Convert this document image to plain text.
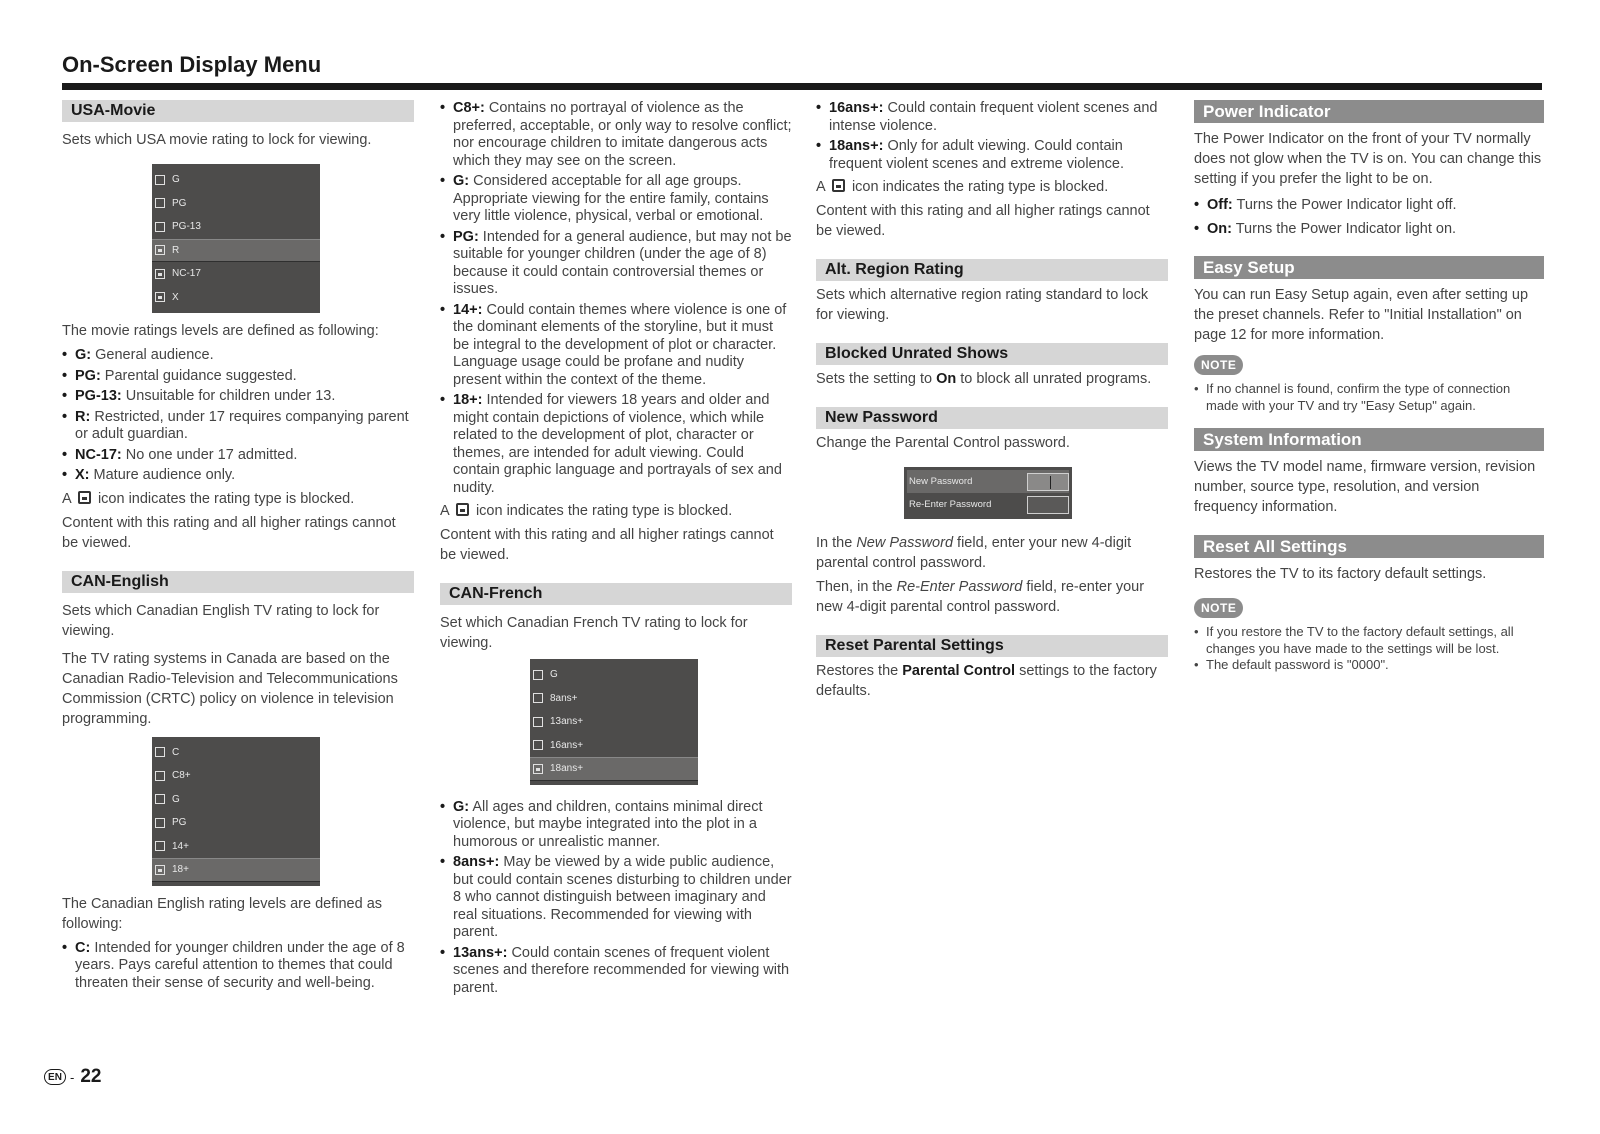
On-Screen Display Menu
USA-Movie

Sets which USA movie rating to lock for viewing.

G
PG
PG-13
R
NC-17
X

The movie ratings levels are defined as following:

• G: General audience.
• PG: Parental guidance suggested.
• PG-13: Unsuitable for children under 13.
• R: Restricted, under 17 requires companying parent or adult guardian.
• NC-17: No one under 17 admitted.
• X: Mature audience only.

A icon indicates the rating type is blocked.

Content with this rating and all higher ratings cannot be viewed.

CAN-English

Sets which Canadian English TV rating to lock for viewing.

The TV rating systems in Canada are based on the Canadian Radio-Television and Telecommunications Commission (CRTC) policy on violence in television programming.

C
C8+
G
PG
14+
18+

The Canadian English rating levels are defined as following:

• C: Intended for younger children under the age of 8 years. Pays careful attention to themes that could threaten their sense of security and well-being.
• C8+: Contains no portrayal of violence as the preferred, acceptable, or only way to resolve conflict; nor encourage children to imitate dangerous acts which they may see on the screen.
• G: Considered acceptable for all age groups. Appropriate viewing for the entire family, contains very little violence, physical, verbal or emotional.
• PG: Intended for a general audience, but may not be suitable for younger children (under the age of 8) because it could contain controversial themes or issues.
• 14+: Could contain themes where violence is one of the dominant elements of the storyline, but it must be integral to the development of plot or character. Language usage could be profane and nudity present within the context of the theme.
• 18+: Intended for viewers 18 years and older and might contain depictions of violence, which while related to the development of plot, character or themes, are intended for adult viewing. Could contain graphic language and portrayals of sex and nudity.

A icon indicates the rating type is blocked.

Content with this rating and all higher ratings cannot be viewed.

CAN-French

Set which Canadian French TV rating to lock for viewing.

G
8ans+
13ans+
16ans+
18ans+
• G: All ages and children, contains minimal direct violence, but maybe integrated into the plot in a humorous or unrealistic manner.
• 8ans+: May be viewed by a wide public audience, but could contain scenes disturbing to children under 8 who cannot distinguish between imaginary and real situations. Recommended for viewing with parent.
• 13ans+: Could contain scenes of frequent violent scenes and therefore recommended for viewing with parent.
• 16ans+: Could contain frequent violent scenes and intense violence.
• 18ans+: Only for adult viewing. Could contain frequent violent scenes and extreme violence.

A icon indicates the rating type is blocked.

Content with this rating and all higher ratings cannot be viewed.

Alt. Region Rating

Sets which alternative region rating standard to lock for viewing.

Blocked Unrated Shows

Sets the setting to On to block all unrated programs.

New Password

Change the Parental Control password.

New Password
Re-Enter Password

In the New Password field, enter your new 4-digit parental control password.

Then, in the Re-Enter Password field, re-enter your new 4-digit parental control password.

Reset Parental Settings

Restores the Parental Control settings to the factory defaults.

Power Indicator

The Power Indicator on the front of your TV normally does not glow when the TV is on. You can change this setting if you prefer the light to be on.

• Off: Turns the Power Indicator light off.
• On: Turns the Power Indicator light on.
Easy Setup

You can run Easy Setup again, even after setting up the preset channels. Refer to "Initial Installation" on page 12 for more information.

NOTE
• If no channel is found, confirm the type of connection made with your TV and try "Easy Setup" again.
System Information

Views the TV model name, firmware version, revision number, source type, resolution, and version frequency information.

Reset All Settings

Restores the TV to its factory default settings.

NOTE
• If you restore the TV to the factory default settings, all changes you have made to the settings will be lost.
• The default password is "0000".
EN - 22
